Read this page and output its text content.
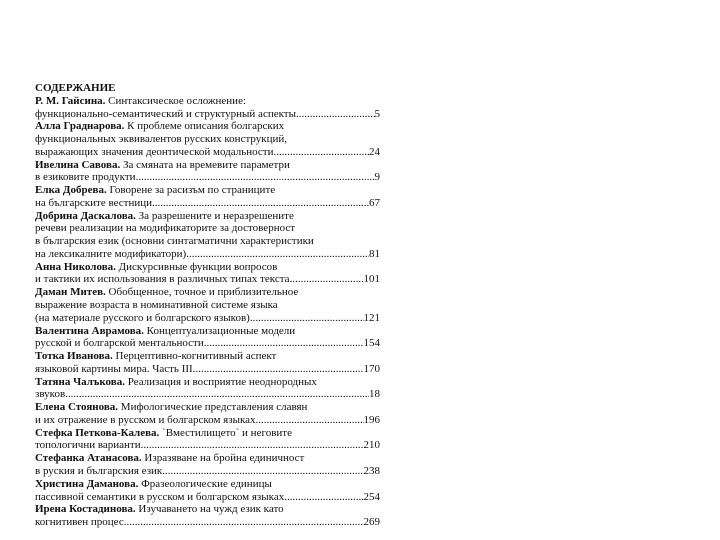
СОДЕРЖАНИЕ
Р. М. Гайсина. Синтаксическое осложнение:
функционально-семантический и структурный аспекты .....	5
Алла Граднарова. К проблеме описания болгарских
функциональных эквивалентов русских конструкций,
выражающих значения деонтической модальности .....	24
Ивелина Савова. За смяната на времевите параметри
в езиковите продукти .....	9
Елка Добрева. Говорене за расизъм по страниците
на българските вестници .....	67
Добрина Даскалова. За разрешените и неразрешените
речеви реализации на модификаторите за достоверност
в българския език (основни синтагматични характеристики
на лексикалните модификатори) .....	81
Анна Николова. Дискурсивные функции вопросов
и тактики их использования в различных типах текста .....	101
Даман Митев. Обобщенное, точное и приблизительное
выражение возраста в номинативной системе языка
(на материале русского и болгарского языков) .....	121
Валентина Аврамова. Концептуализационные модели
русской и болгарской ментальности .....	154
Тотка Иванова. Перцептивно-когнитивный аспект
языковой картины мира. Часть III. .....	170
Татяна Чалъкова. Реализация и восприятие неоднородных
звуков .....	18
Елена Стоянова. Мифологические представления славян
и их отражение в русском и болгарском языках .....	196
Стефка Петкова-Калева. `Вместилището` и неговите
топологични варианти .....	210
Стефанка Атанасова. Изразяване на бройна единичност
в руския и българския език .....	238
Христина Даманова. Фразеологические единицы
пассивной семантики в русском и болгарском языках .....	254
Ирена Костадинова. Изучаването на чужд език като
когнитивен процес .....	269
